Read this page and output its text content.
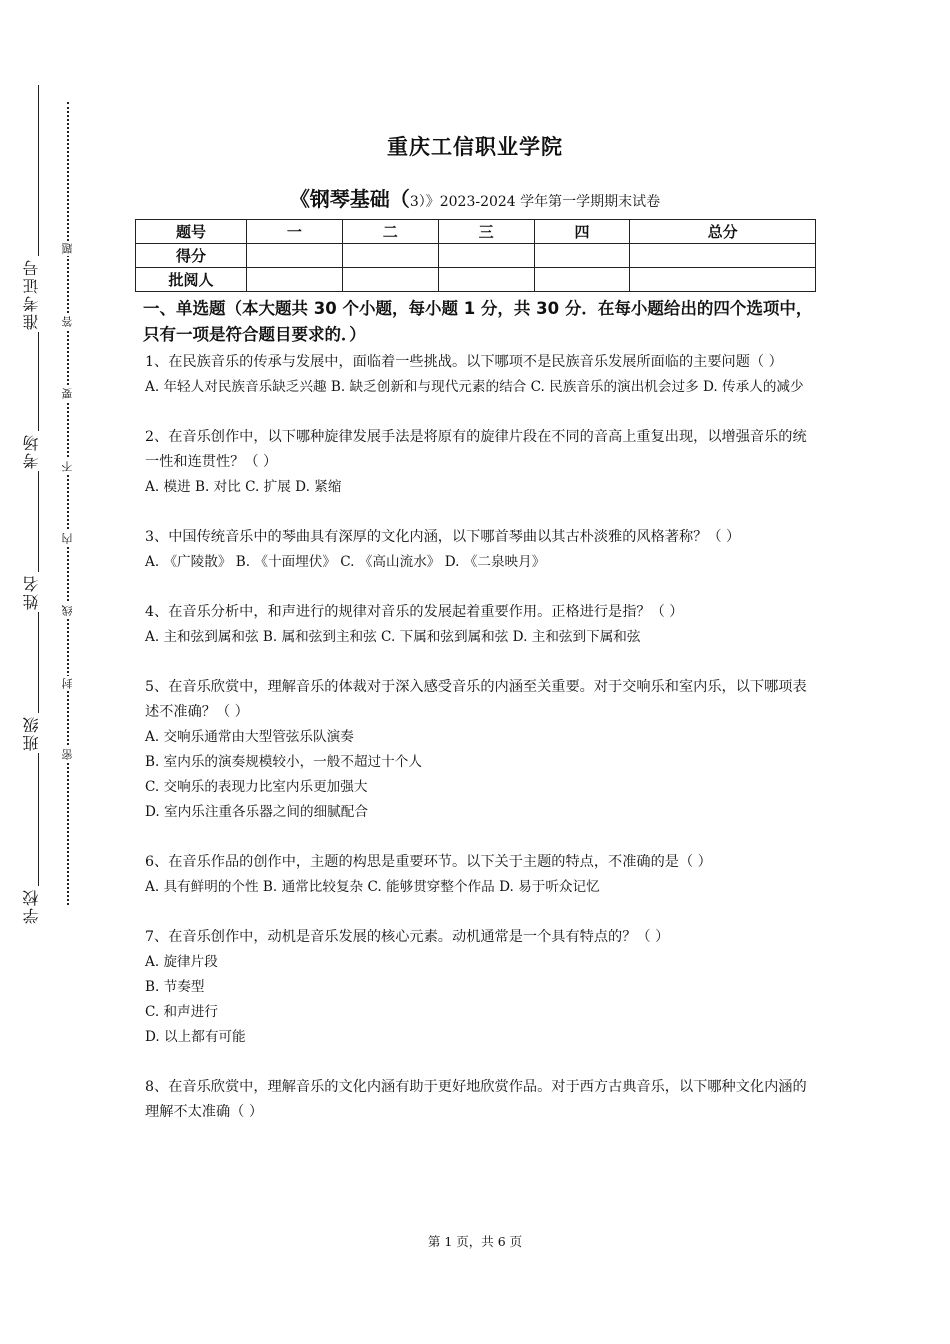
准考证号
考场
姓名
班级
学校
题
答
要
不
内
线
封
密
重庆工信职业学院
《钢琴基础（3）》2023-2024 学年第一学期期末试卷
题号	一	二	三	四	总分
得分					
批阅人					
一、单选题（本大题共 30 个小题，每小题 1 分，共 30 分．在每小题给出的四个选项中，只有一项是符合题目要求的．）

1、在民族音乐的传承与发展中，面临着一些挑战。以下哪项不是民族音乐发展所面临的主要问题（ ）

A. 年轻人对民族音乐缺乏兴趣 B. 缺乏创新和与现代元素的结合 C. 民族音乐的演出机会过多 D. 传承人的减少

2、在音乐创作中，以下哪种旋律发展手法是将原有的旋律片段在不同的音高上重复出现，以增强音乐的统一性和连贯性？（ ）

A. 模进 B. 对比 C. 扩展 D. 紧缩

3、中国传统音乐中的琴曲具有深厚的文化内涵，以下哪首琴曲以其古朴淡雅的风格著称？（ ）

A. 《广陵散》 B. 《十面埋伏》 C. 《高山流水》 D. 《二泉映月》

4、在音乐分析中，和声进行的规律对音乐的发展起着重要作用。正格进行是指？（ ）

A. 主和弦到属和弦 B. 属和弦到主和弦 C. 下属和弦到属和弦 D. 主和弦到下属和弦

5、在音乐欣赏中，理解音乐的体裁对于深入感受音乐的内涵至关重要。对于交响乐和室内乐，以下哪项表述不准确？（ ）

A. 交响乐通常由大型管弦乐队演奏

B. 室内乐的演奏规模较小，一般不超过十个人

C. 交响乐的表现力比室内乐更加强大

D. 室内乐注重各乐器之间的细腻配合

6、在音乐作品的创作中，主题的构思是重要环节。以下关于主题的特点，不准确的是（ ）

A. 具有鲜明的个性 B. 通常比较复杂 C. 能够贯穿整个作品 D. 易于听众记忆

7、在音乐创作中，动机是音乐发展的核心元素。动机通常是一个具有特点的？（ ）

A. 旋律片段

B. 节奏型

C. 和声进行

D. 以上都有可能

8、在音乐欣赏中，理解音乐的文化内涵有助于更好地欣赏作品。对于西方古典音乐，以下哪种文化内涵的理解不太准确（ ）

第 1 页，共 6 页
